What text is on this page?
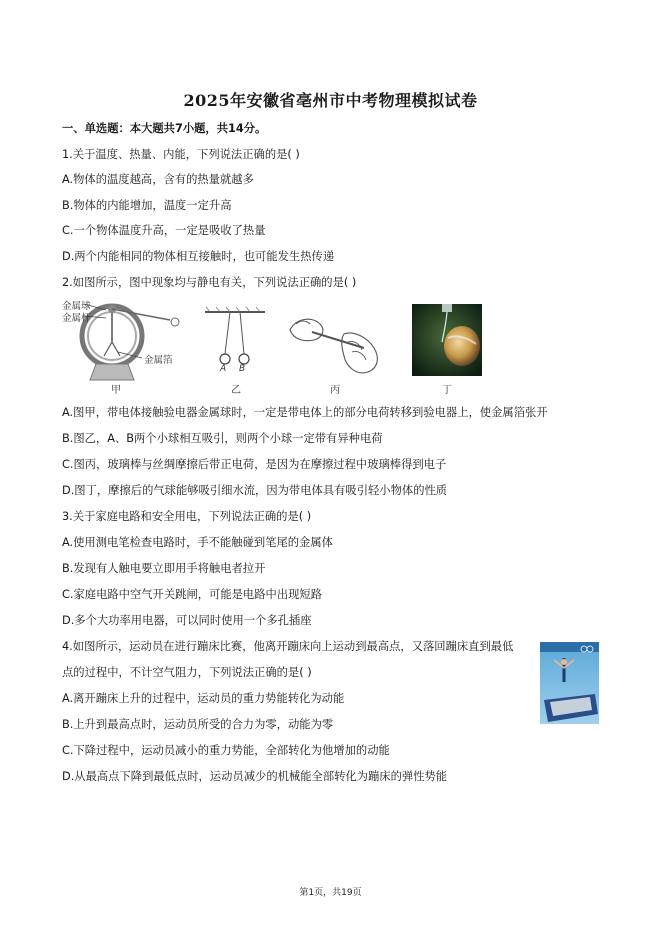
2025年安徽省亳州市中考物理模拟试卷
一、单选题：本大题共7小题，共14分。
1.关于温度、热量、内能，下列说法正确的是( )
A.物体的温度越高，含有的热量就越多
B.物体的内能增加，温度一定升高
C.一个物体温度升高，一定是吸收了热量
D.两个内能相同的物体相互接触时，也可能发生热传递
2.如图所示，图中现象均与静电有关，下列说法正确的是( )
金属球
金属杆
金属箔
甲
A B
乙	丙	丁
A.图甲，带电体接触验电器金属球时，一定是带电体上的部分电荷转移到验电器上，使金属箔张开
B.图乙，A、B两个小球相互吸引，则两个小球一定带有异种电荷
C.图丙，玻璃棒与丝绸摩擦后带正电荷，是因为在摩擦过程中玻璃棒得到电子
D.图丁，摩擦后的气球能够吸引细水流，因为带电体具有吸引轻小物体的性质
3.关于家庭电路和安全用电，下列说法正确的是( )
A.使用测电笔检查电路时，手不能触碰到笔尾的金属体
B.发现有人触电要立即用手将触电者拉开
C.家庭电路中空气开关跳闸，可能是电路中出现短路
D.多个大功率用电器，可以同时使用一个多孔插座
4.如图所示，运动员在进行蹦床比赛，他离开蹦床向上运动到最高点，又落回蹦床直到最低
点的过程中，不计空气阻力，下列说法正确的是( )
A.离开蹦床上升的过程中，运动员的重力势能转化为动能
B.上升到最高点时，运动员所受的合力为零，动能为零
C.下降过程中，运动员减小的重力势能，全部转化为他增加的动能
D.从最高点下降到最低点时，运动员减少的机械能全部转化为蹦床的弹性势能
第1页，共19页
